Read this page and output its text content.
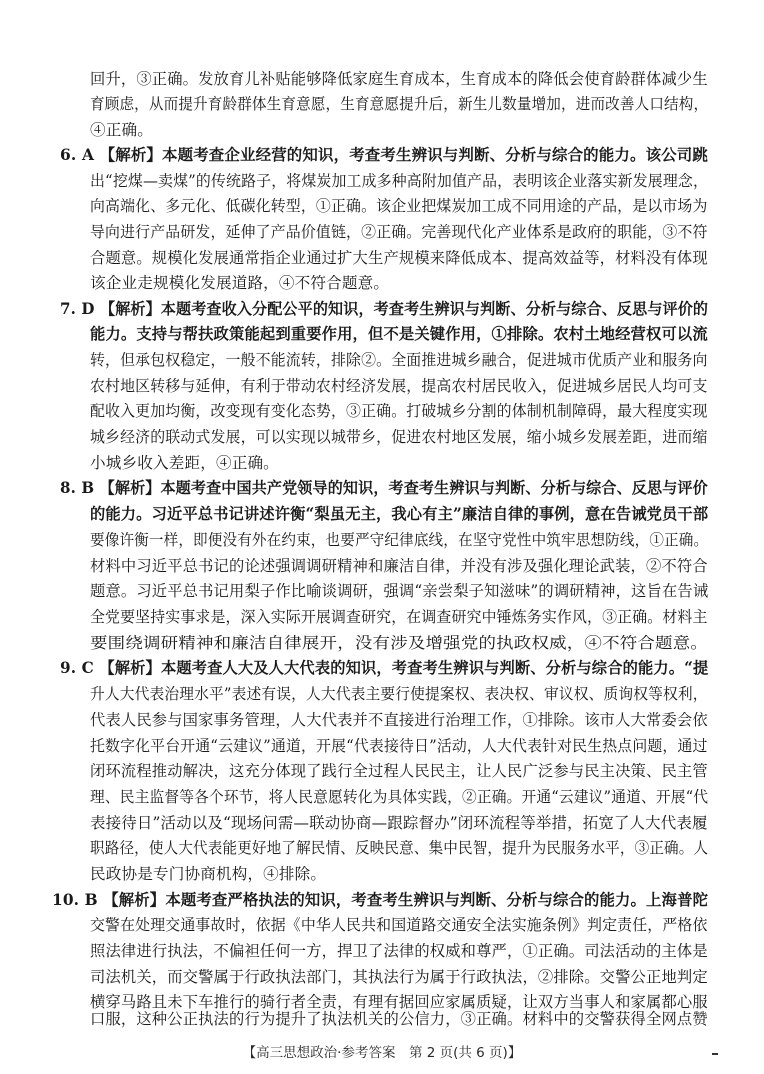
回升，③正确。发放育儿补贴能够降低家庭生育成本，生育成本的降低会使育龄群体减少生
育顾虑，从而提升育龄群体生育意愿，生育意愿提升后，新生儿数量增加，进而改善人口结构，
④正确。
6. A 【解析】本题考查企业经营的知识，考查考生辨识与判断、分析与综合的能力。该公司跳
出“挖煤—卖煤”的传统路子，将煤炭加工成多种高附加值产品，表明该企业落实新发展理念，
向高端化、多元化、低碳化转型，①正确。该企业把煤炭加工成不同用途的产品，是以市场为
导向进行产品研发，延伸了产品价值链，②正确。完善现代化产业体系是政府的职能，③不符
合题意。规模化发展通常指企业通过扩大生产规模来降低成本、提高效益等，材料没有体现
该企业走规模化发展道路，④不符合题意。
7. D 【解析】本题考查收入分配公平的知识，考查考生辨识与判断、分析与综合、反思与评价的
能力。支持与帮扶政策能起到重要作用，但不是关键作用，①排除。农村土地经营权可以流
转，但承包权稳定，一般不能流转，排除②。全面推进城乡融合，促进城市优质产业和服务向
农村地区转移与延伸，有利于带动农村经济发展，提高农村居民收入，促进城乡居民人均可支
配收入更加均衡，改变现有变化态势，③正确。打破城乡分割的体制机制障碍，最大程度实现
城乡经济的联动式发展，可以实现以城带乡，促进农村地区发展，缩小城乡发展差距，进而缩
小城乡收入差距，④正确。
8. B 【解析】本题考查中国共产党领导的知识，考查考生辨识与判断、分析与综合、反思与评价
的能力。习近平总书记讲述许衡“梨虽无主，我心有主”廉洁自律的事例，意在告诫党员干部
要像许衡一样，即便没有外在约束，也要严守纪律底线，在坚守党性中筑牢思想防线，①正确。
材料中习近平总书记的论述强调调研精神和廉洁自律，并没有涉及强化理论武装，②不符合
题意。习近平总书记用梨子作比喻谈调研，强调“亲尝梨子知滋味”的调研精神，这旨在告诫
全党要坚持实事求是，深入实际开展调查研究，在调查研究中锤炼务实作风，③正确。材料主
要围绕调研精神和廉洁自律展开，没有涉及增强党的执政权威，④不符合题意。
9. C 【解析】本题考查人大及人大代表的知识，考查考生辨识与判断、分析与综合的能力。“提
升人大代表治理水平”表述有误，人大代表主要行使提案权、表决权、审议权、质询权等权利，
代表人民参与国家事务管理，人大代表并不直接进行治理工作，①排除。该市人大常委会依
托数字化平台开通“云建议”通道，开展“代表接待日”活动，人大代表针对民生热点问题，通过
闭环流程推动解决，这充分体现了践行全过程人民民主，让人民广泛参与民主决策、民主管
理、民主监督等各个环节，将人民意愿转化为具体实践，②正确。开通“云建议”通道、开展“代
表接待日”活动以及“现场问需—联动协商—跟踪督办”闭环流程等举措，拓宽了人大代表履
职路径，使人大代表能更好地了解民情、反映民意、集中民智，提升为民服务水平，③正确。人
民政协是专门协商机构，④排除。
10. B 【解析】本题考查严格执法的知识，考查考生辨识与判断、分析与综合的能力。上海普陀
交警在处理交通事故时，依据《中华人民共和国道路交通安全法实施条例》判定责任，严格依
照法律进行执法，不偏袒任何一方，捍卫了法律的权威和尊严，①正确。司法活动的主体是
司法机关，而交警属于行政执法部门，其执法行为属于行政执法，②排除。交警公正地判定
横穿马路且未下车推行的骑行者全责，有理有据回应家属质疑，让双方当事人和家属都心服
口服，这种公正执法的行为提升了执法机关的公信力，③正确。材料中的交警获得全网点赞
【高三思想政治·参考答案　第 2 页(共 6 页)】
